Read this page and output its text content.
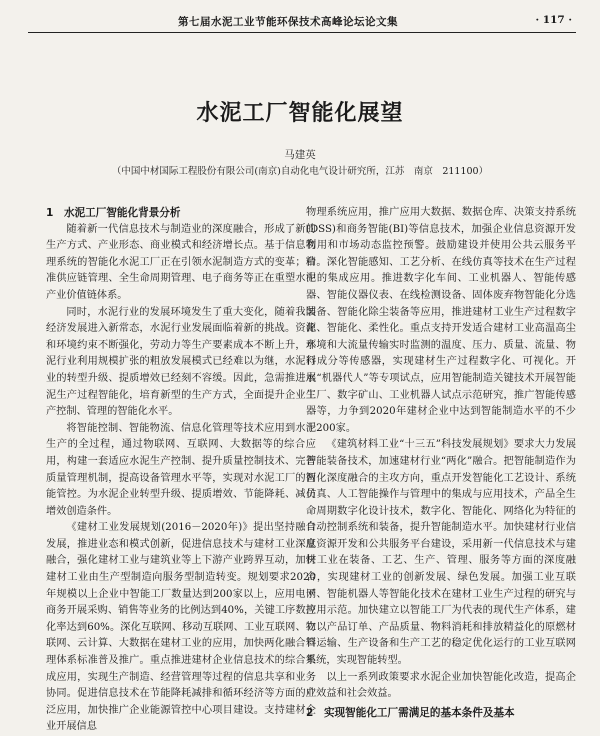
第七届水泥工业节能环保技术高峰论坛论文集	· 117 ·
水泥工厂智能化展望
马建英
（中国中材国际工程股份有限公司(南京)自动化电气设计研究所，江苏　南京　211100）
1　水泥工厂智能化背景分析

随着新一代信息技术与制造业的深度融合，形成了新的生产方式、产业形态、商业模式和经济增长点。基于信息物理系统的智能化水泥工厂正在引领水泥制造方式的变革；精准供应链管理、全生命周期管理、电子商务等正在重塑水泥产业价值链体系。

同时，水泥行业的发展环境发生了重大变化，随着我国经济发展进入新常态，水泥行业发展面临着新的挑战。资源和环境约束不断强化，劳动力等生产要素成本不断上升，水泥行业利用规模扩张的粗放发展模式已经难以为继，水泥行业的转型升级、提质增效已经刻不容缓。因此，急需推进水泥生产过程智能化，培育新型的生产方式，全面提升企业生产控制、管理的智能化水平。

将智能控制、智能物流、信息化管理等技术应用到水泥生产的全过程，通过物联网、互联网、大数据等的综合应用，构建一套适应水泥生产控制、提升质量控制技术、完善质量管理机制，提高设备管理水平等，实现对水泥工厂的智能管控。为水泥企业转型升级、提质增效、节能降耗、减员增效创造条件。

《建材工业发展规划(2016－2020年)》提出坚持融合发展，推进业态和模式创新，促进信息技术与建材工业深度融合，强化建材工业与建筑业等上下游产业跨界互动，加快建材工业由生产型制造向服务型制造转变。规划要求2020年规模以上企业中智能工厂数量达到200家以上，应用电子商务开展采购、销售等业务的比例达到40%，关键工序数控化率达到60%。深化互联网、移动互联网、工业互联网、物联网、云计算、大数据在建材工业的应用，加快两化融合管理体系标准普及推广。重点推进建材企业信息技术的综合集成应用，实现生产制造、经营管理等过程的信息共享和业务协同。促进信息技术在节能降耗减排和循环经济等方面的广泛应用，加快推广企业能源管控中心项目建设。支持建材企业开展信息

物理系统应用，推广应用大数据、数据仓库、决策支持系统(DSS)和商务智能(BI)等信息技术，加强企业信息资源开发利用和市场动态监控预警。鼓励建设并使用公共云服务平台。深化智能感知、工艺分析、在线仿真等技术在生产过程中的集成应用。推进数字化车间、工业机器人、智能传感器、智能仪器仪表、在线检测设备、固体废弃物智能化分选装备、智能化除尘装备等应用，推进建材工业生产过程数字化、智能化、柔性化。重点支持开发适合建材工业高温高尘环境和大流量传输实时监测的温度、压力、质量、流量、物料成分等传感器，实现建材生产过程数字化、可视化。开展“机器代人”等专项试点，应用智能制造关键技术开展智能工厂、数字矿山、工业机器人试点示范研究，推广智能传感器等，力争到2020年建材企业中达到智能制造水平的不少于200家。

《建筑材料工业“十三五”科技发展规划》要求大力发展智能装备技术，加速建材行业“两化”融合。把智能制造作为两化深度融合的主攻方向，重点开发智能化工艺设计、系统仿真、人工智能操作与管理中的集成与应用技术，产品全生命周期数字化设计技术，数字化、智能化、网络化为特征的自动控制系统和装备，提升智能制造水平。加快建材行业信息资源开发和公共服务平台建设，采用新一代信息技术与建材工业在装备、工艺、生产、管理、服务等方面的深度融合，实现建材工业的创新发展、绿色发展。加强工业互联网、智能机器人等智能化技术在建材工业生产过程的研究与应用示范。加快建立以智能工厂为代表的现代生产体系，建立以产品订单、产品质量、物料消耗和排放精益化的原燃材料运输、生产设备和生产工艺的稳定优化运行的工业互联网系统，实现智能转型。

以上一系列政策要求水泥企业加快智能化改造，提高企业效益和社会效益。

2　实现智能化工厂需满足的基本条件及基本
